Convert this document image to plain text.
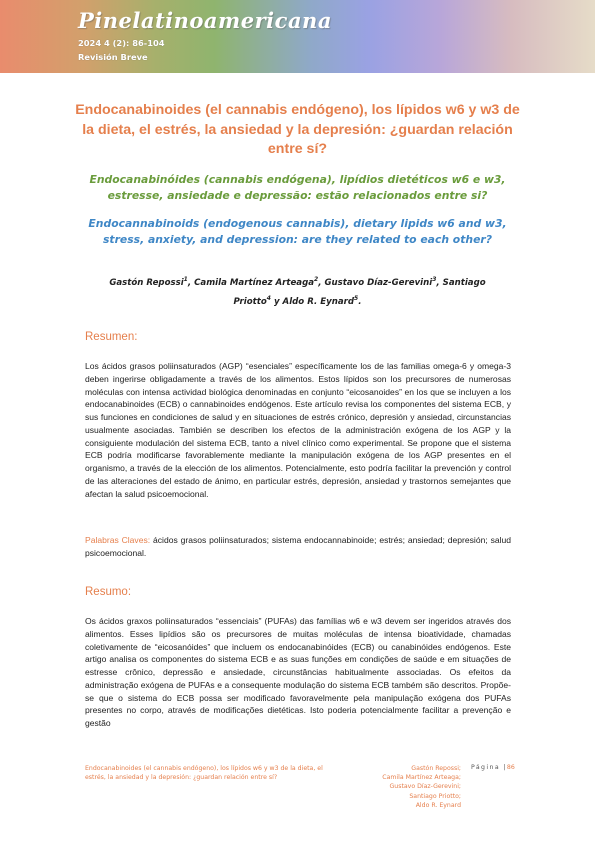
Pinelatinoamericana

2024 4 (2): 86-104

Revisión Breve

Endocanabinoides (el cannabis endógeno), los lípidos w6 y w3 de la dieta, el estrés, la ansiedad y la depresión: ¿guardan relación entre sí?
Endocanabinóides (cannabis endógena), lipídios dietéticos w6 e w3, estresse, ansiedade e depressão: estão relacionados entre si?
Endocannabinoids (endogenous cannabis), dietary lipids w6 and w3, stress, anxiety, and depression: are they related to each other?

Gastón Repossi$^1$, Camila Martínez Arteaga$^2$, Gustavo Díaz-Gerevini$^3$, Santiago Priotto$^4$ y Aldo R. Eynard$^5$.

Resumen:

Los ácidos grasos poliinsaturados (AGP) “esenciales” específicamente los de las familias omega-6 y omega-3 deben ingerirse obligadamente a través de los alimentos. Estos lípidos son los precursores de numerosas moléculas con intensa actividad biológica denominadas en conjunto “eicosanoides” en los que se incluyen a los endocanabinoides (ECB) o cannabinoides endógenos. Este artículo revisa los componentes del sistema ECB, y sus funciones en condiciones de salud y en situaciones de estrés crónico, depresión y ansiedad, circunstancias usualmente asociadas. También se describen los efectos de la administración exógena de los AGP y la consiguiente modulación del sistema ECB, tanto a nivel clínico como experimental. Se propone que el sistema ECB podría modificarse favorablemente mediante la manipulación exógena de los AGP presentes en el organismo, a través de la elección de los alimentos. Potencialmente, esto podría facilitar la prevención y control de las alteraciones del estado de ánimo, en particular estrés, depresión, ansiedad y trastornos semejantes que afectan la salud psicoemocional.

Palabras Claves: ácidos grasos poliinsaturados; sistema endocannabinoide; estrés; ansiedad; depresión; salud psicoemocional.

Resumo:

Os ácidos graxos poliinsaturados “essenciais” (PUFAs) das famílias w6 e w3 devem ser ingeridos através dos alimentos. Esses lipídios são os precursores de muitas moléculas de intensa bioatividade, chamadas coletivamente de “eicosanóides” que incluem os endocanabinóides (ECB) ou canabinóides endógenos. Este artigo analisa os componentes do sistema ECB e as suas funções em condições de saúde e em situações de estresse crônico, depressão e ansiedade, circunstâncias habitualmente associadas. Os efeitos da administração exógena de PUFAs e a consequente modulação do sistema ECB também são descritos. Propõe-se que o sistema do ECB possa ser modificado favoravelmente pela manipulação exógena dos PUFAs presentes no corpo, através de modificações dietéticas. Isto poderia potencialmente facilitar a prevenção e gestão

Endocanabinoides (el cannabis endógeno), los lípidos w6 y w3 de la dieta, el estrés, la ansiedad y la depresión: ¿guardan relación entre sí?

Gastón Repossi;
Camila Martínez Arteaga;
Gustavo Díaz-Gerevini;
Santiago Priotto;
Aldo R. Eynard

Página |86
